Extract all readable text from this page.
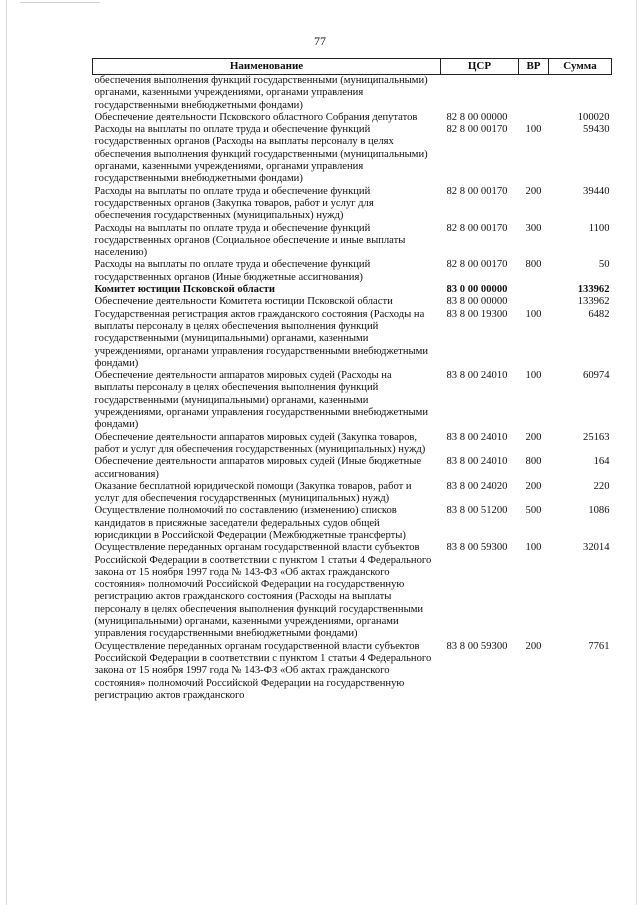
77
Наименование	ЦСР	ВР	Сумма
обеспечения выполнения функций государственными (муниципальными) органами, казенными учреждениями, органами управления государственными внебюджетными фондами)			
Обеспечение деятельности Псковского областного Собрания депутатов	82 8 00 00000		100020
Расходы на выплаты по оплате труда и обеспечение функций государственных органов (Расходы на выплаты персоналу в целях обеспечения выполнения функций государственными (муниципальными) органами, казенными учреждениями, органами управления государственными внебюджетными фондами)	82 8 00 00170	100	59430
Расходы на выплаты по оплате труда и обеспечение функций государственных органов (Закупка товаров, работ и услуг для обеспечения государственных (муниципальных) нужд)	82 8 00 00170	200	39440
Расходы на выплаты по оплате труда и обеспечение функций государственных органов (Социальное обеспечение и иные выплаты населению)	82 8 00 00170	300	1100
Расходы на выплаты по оплате труда и обеспечение функций государственных органов (Иные бюджетные ассигнования)	82 8 00 00170	800	50
Комитет юстиции Псковской области	83 0 00 00000		133962
Обеспечение деятельности Комитета юстиции Псковской области	83 8 00 00000		133962
Государственная регистрация актов гражданского состояния (Расходы на выплаты персоналу в целях обеспечения выполнения функций государственными (муниципальными) органами, казенными учреждениями, органами управления государственными внебюджетными фондами)	83 8 00 19300	100	6482
Обеспечение деятельности аппаратов мировых судей (Расходы на выплаты персоналу в целях обеспечения выполнения функций государственными (муниципальными) органами, казенными учреждениями, органами управления государственными внебюджетными фондами)	83 8 00 24010	100	60974
Обеспечение деятельности аппаратов мировых судей (Закупка товаров, работ и услуг для обеспечения государственных (муниципальных) нужд)	83 8 00 24010	200	25163
Обеспечение деятельности аппаратов мировых судей (Иные бюджетные ассигнования)	83 8 00 24010	800	164
Оказание бесплатной юридической помощи (Закупка товаров, работ и услуг для обеспечения государственных (муниципальных) нужд)	83 8 00 24020	200	220
Осуществление полномочий по составлению (изменению) списков кандидатов в присяжные заседатели федеральных судов общей юрисдикции в Российской Федерации (Межбюджетные трансферты)	83 8 00 51200	500	1086
Осуществление переданных органам государственной власти субъектов Российской Федерации в соответствии с пунктом 1 статьи 4 Федерального закона от 15 ноября 1997 года № 143-ФЗ «Об актах гражданского состояния» полномочий Российской Федерации на государственную регистрацию актов гражданского состояния (Расходы на выплаты персоналу в целях обеспечения выполнения функций государственными (муниципальными) органами, казенными учреждениями, органами управления государственными внебюджетными фондами)	83 8 00 59300	100	32014
Осуществление переданных органам государственной власти субъектов Российской Федерации в соответствии с пунктом 1 статьи 4 Федерального закона от 15 ноября 1997 года № 143-ФЗ «Об актах гражданского состояния» полномочий Российской Федерации на государственную регистрацию актов гражданского	83 8 00 59300	200	7761
